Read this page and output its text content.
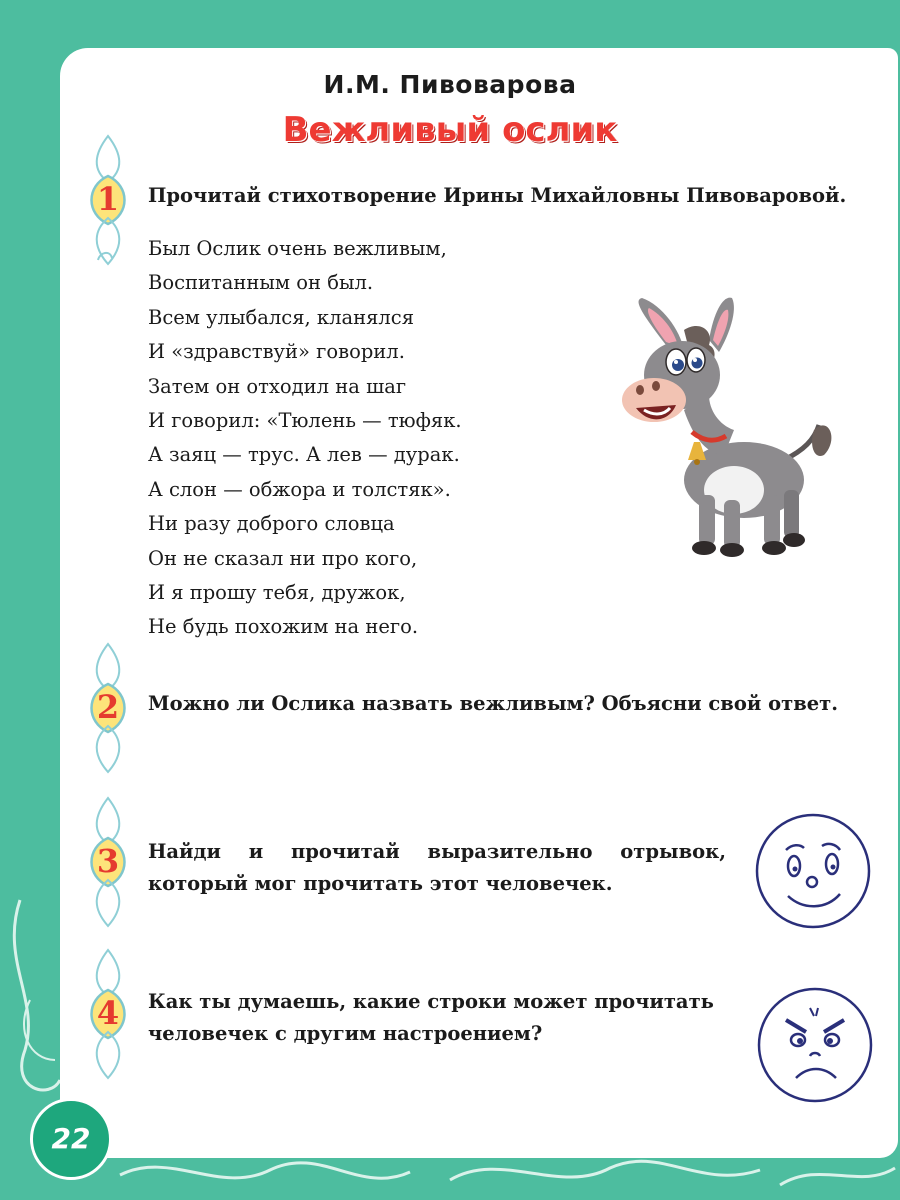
И.М. Пивоварова
Вежливый ослик
1	Прочитай стихотворение Ирины Михайловны Пивоваровой.
Был Ослик очень вежливым,
Воспитанным он был.
Всем улыбался, кланялся
И «здравствуй» говорил.
Затем он отходил на шаг
И говорил: «Тюлень — тюфяк.
А заяц — трус. А лев — дурак.
А слон — обжора и толстяк».
Ни разу доброго словца
Он не сказал ни про кого,
И я прошу тебя, дружок,
Не будь похожим на него.
2	Можно ли Ослика назвать вежливым? Объясни свой ответ.
3	Найди и прочитай выразительно отрывок,
который мог прочитать этот человечек.
4	Как ты думаешь, какие строки может прочитать
человечек с другим настроением?
22
